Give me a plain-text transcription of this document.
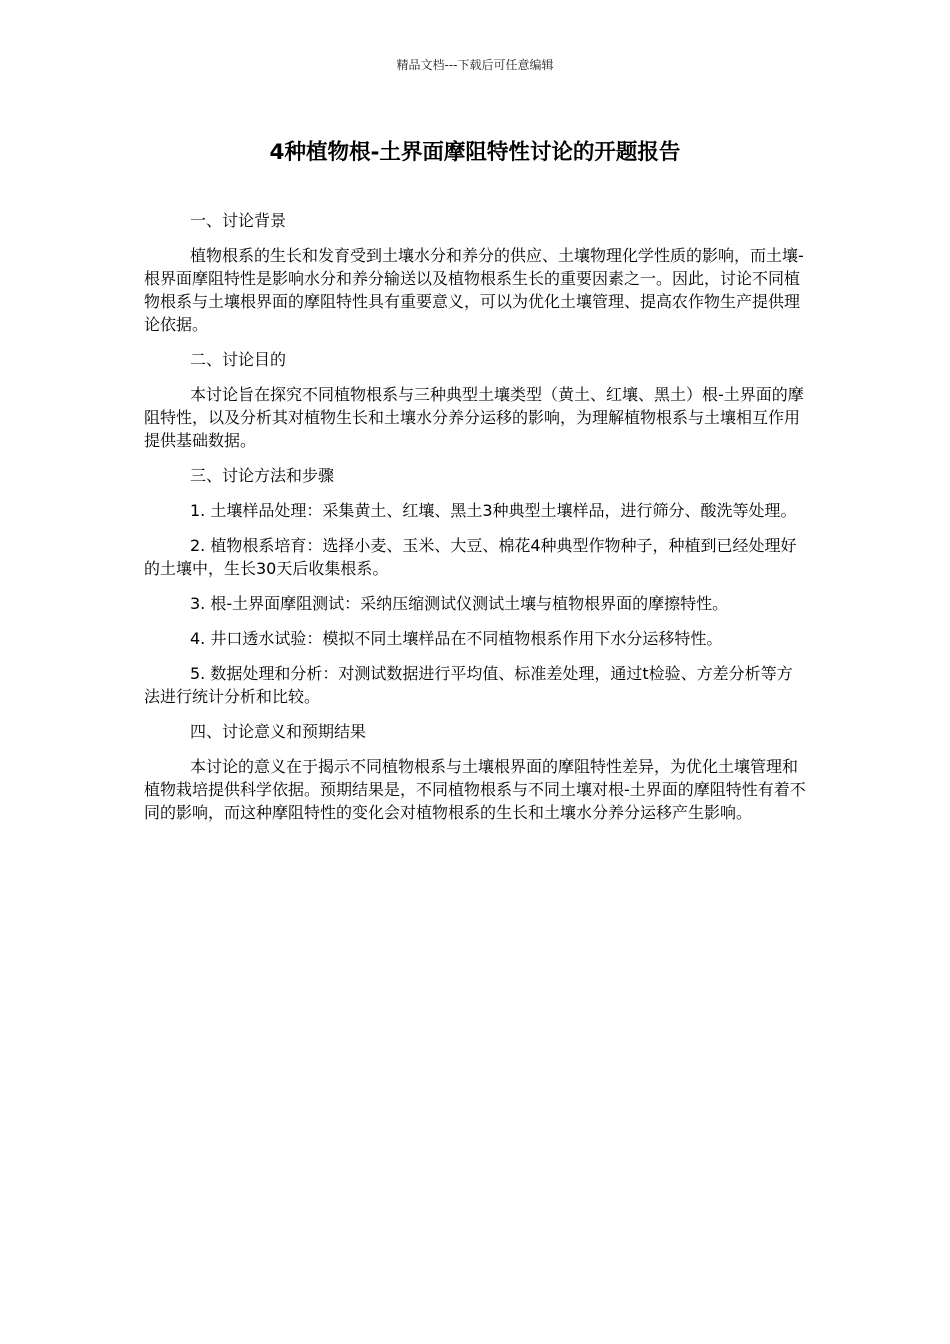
精品文档---下载后可任意编辑
4种植物根-土界面摩阻特性讨论的开题报告

一、讨论背景

植物根系的生长和发育受到土壤水分和养分的供应、土壤物理化学性质的影响，而土壤-根界面摩阻特性是影响水分和养分输送以及植物根系生长的重要因素之一。因此，讨论不同植物根系与土壤根界面的摩阻特性具有重要意义，可以为优化土壤管理、提高农作物生产提供理论依据。

二、讨论目的

本讨论旨在探究不同植物根系与三种典型土壤类型（黄土、红壤、黑土）根-土界面的摩阻特性，以及分析其对植物生长和土壤水分养分运移的影响，为理解植物根系与土壤相互作用提供基础数据。

三、讨论方法和步骤

1. 土壤样品处理：采集黄土、红壤、黑土3种典型土壤样品，进行筛分、酸洗等处理。

2. 植物根系培育：选择小麦、玉米、大豆、棉花4种典型作物种子，种植到已经处理好的土壤中，生长30天后收集根系。

3. 根-土界面摩阻测试：采纳压缩测试仪测试土壤与植物根界面的摩擦特性。

4. 井口透水试验：模拟不同土壤样品在不同植物根系作用下水分运移特性。

5. 数据处理和分析：对测试数据进行平均值、标准差处理，通过t检验、方差分析等方法进行统计分析和比较。

四、讨论意义和预期结果

本讨论的意义在于揭示不同植物根系与土壤根界面的摩阻特性差异，为优化土壤管理和植物栽培提供科学依据。预期结果是，不同植物根系与不同土壤对根-土界面的摩阻特性有着不同的影响，而这种摩阻特性的变化会对植物根系的生长和土壤水分养分运移产生影响。
